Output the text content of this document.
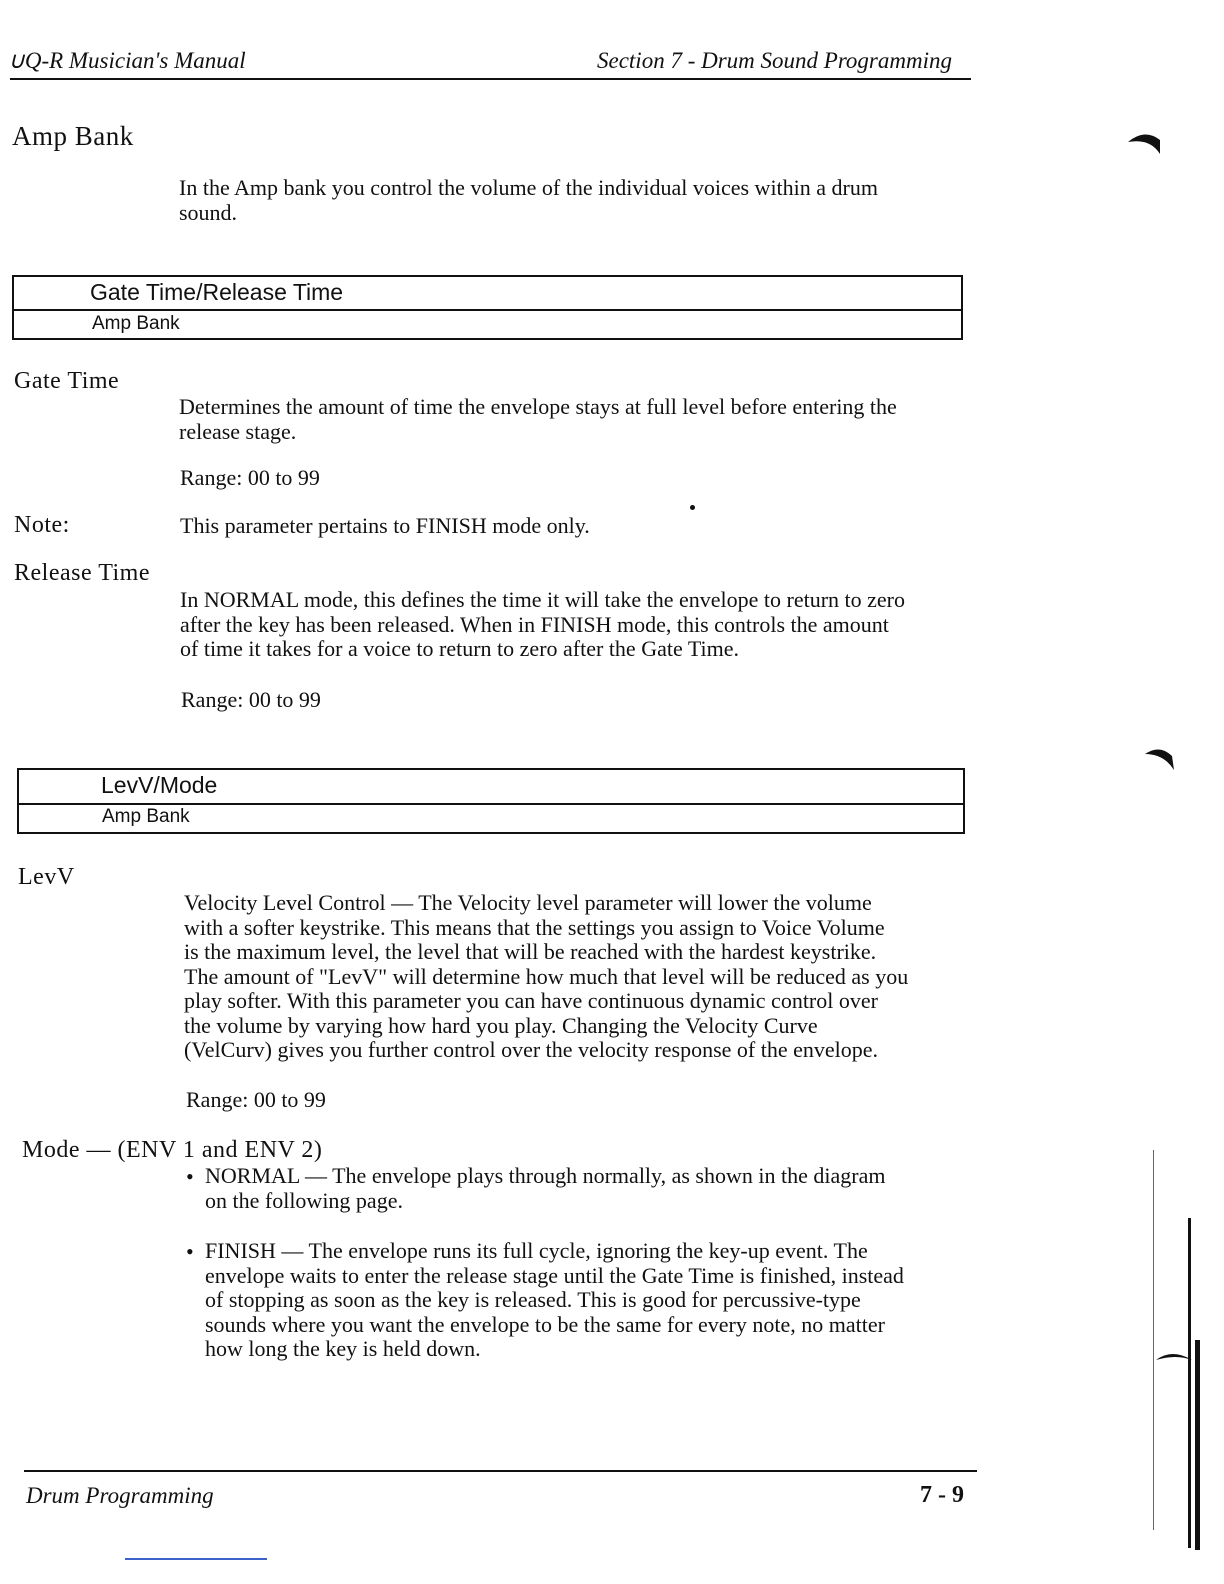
∪Q-R Musician's Manual	Section 7 - Drum Sound Programming
Amp Bank
In the Amp bank you control the volume of the individual voices within a drum
sound.
Gate Time/Release Time
Amp Bank
Gate Time
Determines the amount of time the envelope stays at full level before entering the
release stage.
Range: 00 to 99
Note:	This parameter pertains to FINISH mode only.
Release Time
In NORMAL mode, this defines the time it will take the envelope to return to zero
after the key has been released. When in FINISH mode, this controls the amount
of time it takes for a voice to return to zero after the Gate Time.
Range: 00 to 99
LevV/Mode
Amp Bank
LevV
Velocity Level Control — The Velocity level parameter will lower the volume
with a softer keystrike. This means that the settings you assign to Voice Volume
is the maximum level, the level that will be reached with the hardest keystrike.
The amount of "LevV" will determine how much that level will be reduced as you
play softer. With this parameter you can have continuous dynamic control over
the volume by varying how hard you play. Changing the Velocity Curve
(VelCurv) gives you further control over the velocity response of the envelope.
Range: 00 to 99
Mode — (ENV 1 and ENV 2)
• NORMAL — The envelope plays through normally, as shown in the diagram
on the following page.
• FINISH — The envelope runs its full cycle, ignoring the key-up event. The
envelope waits to enter the release stage until the Gate Time is finished, instead
of stopping as soon as the key is released. This is good for percussive-type
sounds where you want the envelope to be the same for every note, no matter
how long the key is held down.
Drum Programming	7 - 9
